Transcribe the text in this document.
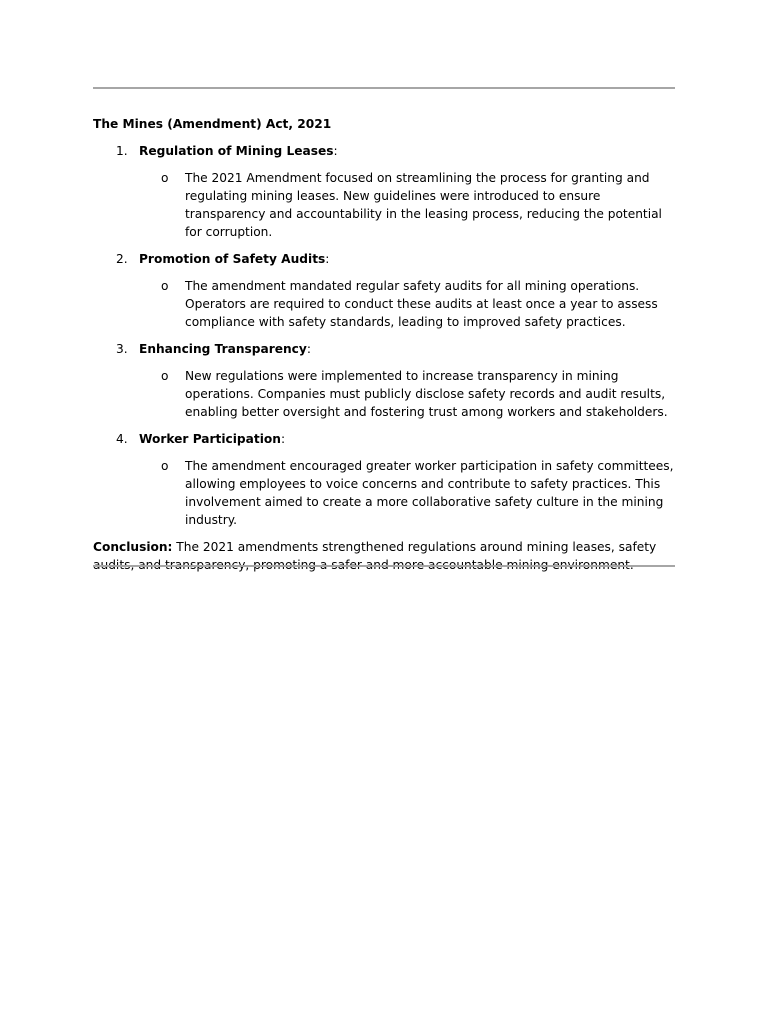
The Mines (Amendment) Act, 2021

1. Regulation of Mining Leases:

o The 2021 Amendment focused on streamlining the process for granting and regulating mining leases. New guidelines were introduced to ensure transparency and accountability in the leasing process, reducing the potential for corruption.
2. Promotion of Safety Audits:

o The amendment mandated regular safety audits for all mining operations. Operators are required to conduct these audits at least once a year to assess compliance with safety standards, leading to improved safety practices.
3. Enhancing Transparency:

o New regulations were implemented to increase transparency in mining operations. Companies must publicly disclose safety records and audit results, enabling better oversight and fostering trust among workers and stakeholders.
4. Worker Participation:

o The amendment encouraged greater worker participation in safety committees, allowing employees to voice concerns and contribute to safety practices. This involvement aimed to create a more collaborative safety culture in the mining industry.

Conclusion: The 2021 amendments strengthened regulations around mining leases, safety audits, and transparency, promoting a safer and more accountable mining environment.
